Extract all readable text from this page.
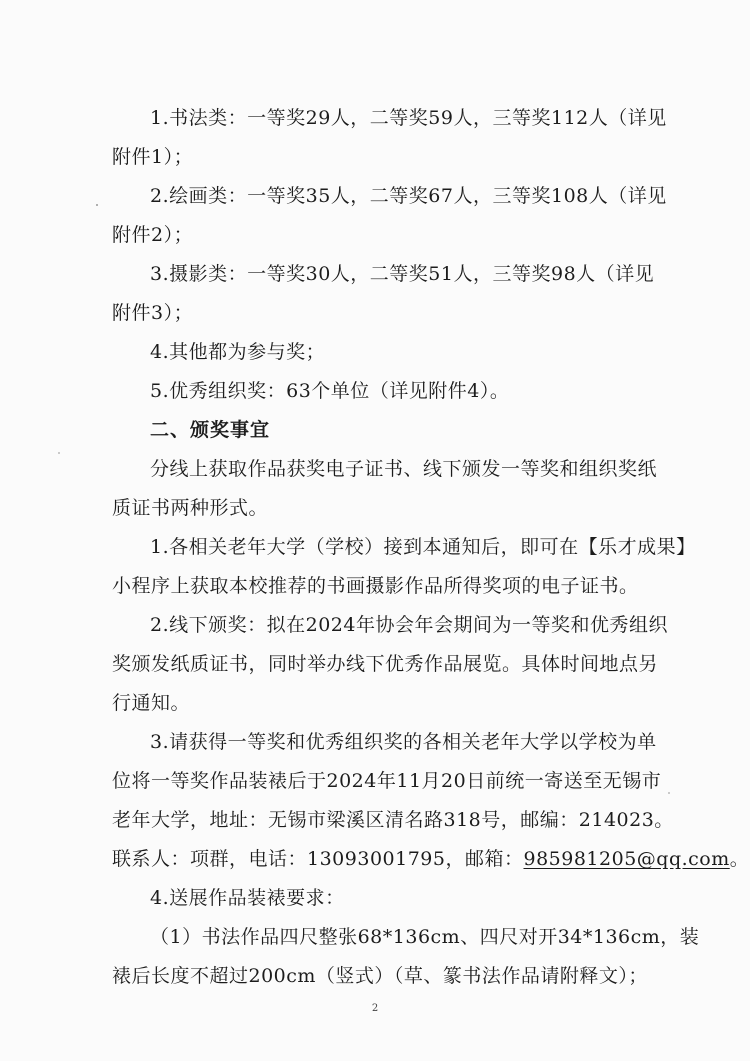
1.书法类：一等奖29人，二等奖59人，三等奖112人（详见
附件1）；
2.绘画类：一等奖35人，二等奖67人，三等奖108人（详见
附件2）；
3.摄影类：一等奖30人，二等奖51人，三等奖98人（详见
附件3）；
4.其他都为参与奖；
5.优秀组织奖：63个单位（详见附件4）。
二、颁奖事宜
分线上获取作品获奖电子证书、线下颁发一等奖和组织奖纸
质证书两种形式。
1.各相关老年大学（学校）接到本通知后，即可在【乐才成果】
小程序上获取本校推荐的书画摄影作品所得奖项的电子证书。
2.线下颁奖：拟在2024年协会年会期间为一等奖和优秀组织
奖颁发纸质证书，同时举办线下优秀作品展览。具体时间地点另
行通知。
3.请获得一等奖和优秀组织奖的各相关老年大学以学校为单
位将一等奖作品装裱后于2024年11月20日前统一寄送至无锡市
老年大学，地址：无锡市梁溪区清名路318号，邮编：214023。
联系人：项群，电话：13093001795，邮箱：985981205@qq.com。
4.送展作品装裱要求：
（1）书法作品四尺整张68*136cm、四尺对开34*136cm，装
裱后长度不超过200cm（竖式）（草、篆书法作品请附释文）；
2
